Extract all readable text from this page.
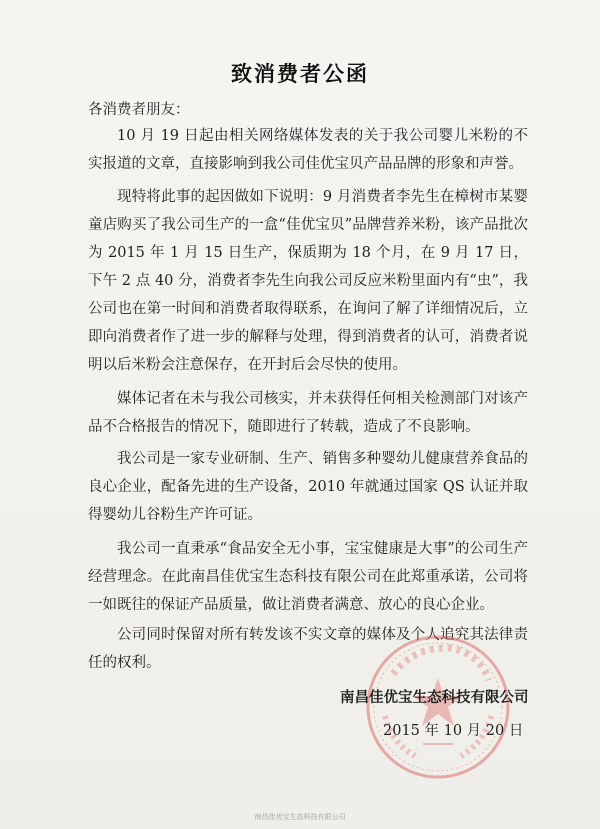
致消费者公函
各消费者朋友：

10 月 19 日起由相关网络媒体发表的关于我公司婴儿米粉的不实报道的文章，直接影响到我公司佳优宝贝产品品牌的形象和声誉。

现特将此事的起因做如下说明：9 月消费者李先生在樟树市某婴童店购买了我公司生产的一盒“佳优宝贝”品牌营养米粉，该产品批次为 2015 年 1 月 15 日生产，保质期为 18 个月，在 9 月 17 日，下午 2 点 40 分，消费者李先生向我公司反应米粉里面内有“虫”，我公司也在第一时间和消费者取得联系，在询问了解了详细情况后，立即向消费者作了进一步的解释与处理，得到消费者的认可，消费者说明以后米粉会注意保存，在开封后会尽快的使用。

媒体记者在未与我公司核实，并未获得任何相关检测部门对该产品不合格报告的情况下，随即进行了转载，造成了不良影响。

我公司是一家专业研制、生产、销售多种婴幼儿健康营养食品的良心企业，配备先进的生产设备，2010 年就通过国家 QS 认证并取得婴幼儿谷粉生产许可证。

我公司一直秉承“食品安全无小事，宝宝健康是大事”的公司生产经营理念。在此南昌佳优宝生态科技有限公司在此郑重承诺，公司将一如既往的保证产品质量，做让消费者满意、放心的良心企业。

公司同时保留对所有转发该不实文章的媒体及个人追究其法律责任的权利。

南昌佳优宝生态科技有限公司
2015 年 10 月 20 日
南昌佳优宝生态科技有限公司
